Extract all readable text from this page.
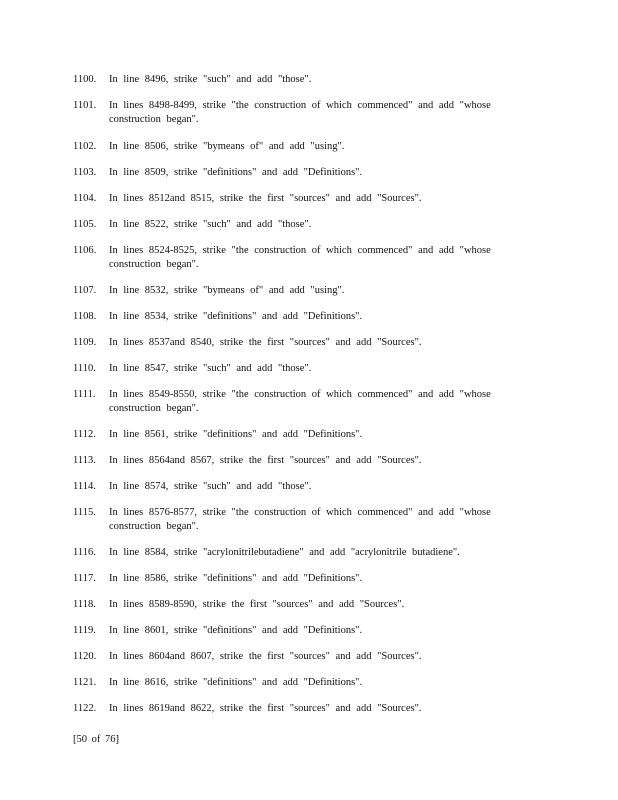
1100. In line 8496, strike "such" and add "those".
1101. In lines 8498-8499, strike "the construction of which commenced" and add "whose
construction began".
1102. In line 8506, strike "bymeans of" and add "using".
1103. In line 8509, strike "definitions" and add "Definitions".
1104. In lines 8512and 8515, strike the first "sources" and add "Sources".
1105. In line 8522, strike "such" and add "those".
1106. In lines 8524-8525, strike "the construction of which commenced" and add "whose
construction began".
1107. In line 8532, strike "bymeans of" and add "using".
1108. In line 8534, strike "definitions" and add "Definitions".
1109. In lines 8537and 8540, strike the first "sources" and add "Sources".
1110. In line 8547, strike "such" and add "those".
1111. In lines 8549-8550, strike "the construction of which commenced" and add "whose
construction began".
1112. In line 8561, strike "definitions" and add "Definitions".
1113. In lines 8564and 8567, strike the first "sources" and add "Sources".
1114. In line 8574, strike "such" and add "those".
1115. In lines 8576-8577, strike "the construction of which commenced" and add "whose
construction began".
1116. In line 8584, strike "acrylonitrilebutadiene" and add "acrylonitrile butadiene".
1117. In line 8586, strike "definitions" and add "Definitions".
1118. In lines 8589-8590, strike the first "sources" and add "Sources".
1119. In line 8601, strike "definitions" and add "Definitions".
1120. In lines 8604and 8607, strike the first "sources" and add "Sources".
1121. In line 8616, strike "definitions" and add "Definitions".
1122. In lines 8619and 8622, strike the first "sources" and add "Sources".
[50 of 76]
